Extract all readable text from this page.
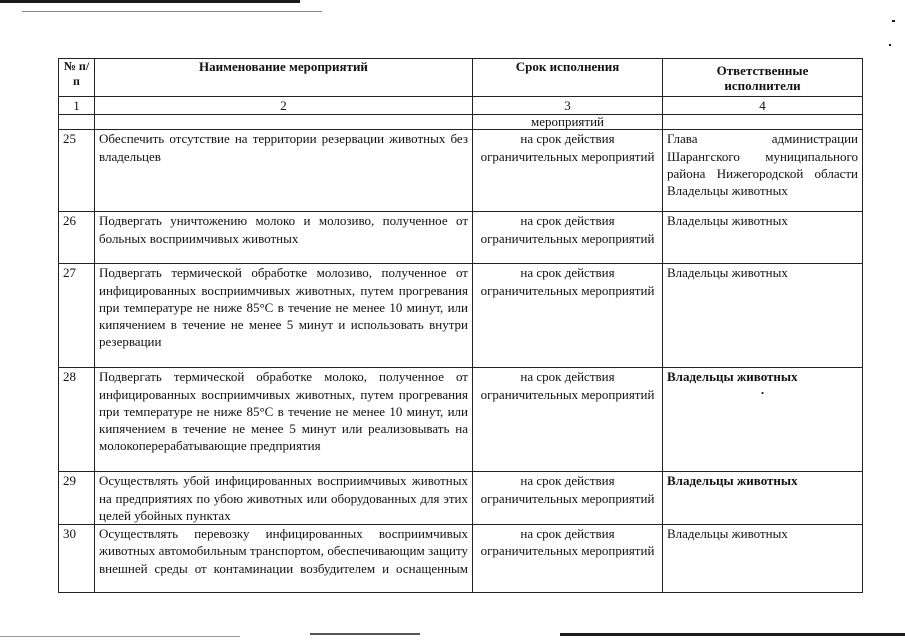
№ п/п	Наименование мероприятий	Срок исполнения	Ответственные исполнители
1	2	3	4
		мероприятий	
25	Обеспечить отсутствие на территории резервации животных без владельцев	на срок действия ограничительных мероприятий	Глава администрации Шарангского муниципального района Нижегородской области Владельцы животных
26	Подвергать уничтожению молоко и молозиво, полученное от больных восприимчивых животных	на срок действия ограничительных мероприятий	Владельцы животных
27	Подвергать термической обработке молозиво, полученное от инфицированных восприимчивых животных, путем прогревания при температуре не ниже 85°С в течение не менее 10 минут, или кипячением в течение не менее 5 минут и использовать внутри резервации	на срок действия ограничительных мероприятий	Владельцы животных
28	Подвергать термической обработке молоко, полученное от инфицированных восприимчивых животных, путем прогревания при температуре не ниже 85°С в течение не менее 10 минут, или кипячением в течение не менее 5 минут или реализовывать на молокоперерабатывающие предприятия	на срок действия ограничительных мероприятий	Владельцы животных
·

29	Осуществлять убой инфицированных восприимчивых животных на предприятиях по убою животных или оборудованных для этих целей убойных пунктах	на срок действия ограничительных мероприятий	Владельцы животных
30	Осуществлять перевозку инфицированных восприимчивых животных автомобильным транспортом, обеспечивающим защиту внешней среды от контаминации возбудителем и оснащенным	на срок действия ограничительных мероприятий	Владельцы животных
